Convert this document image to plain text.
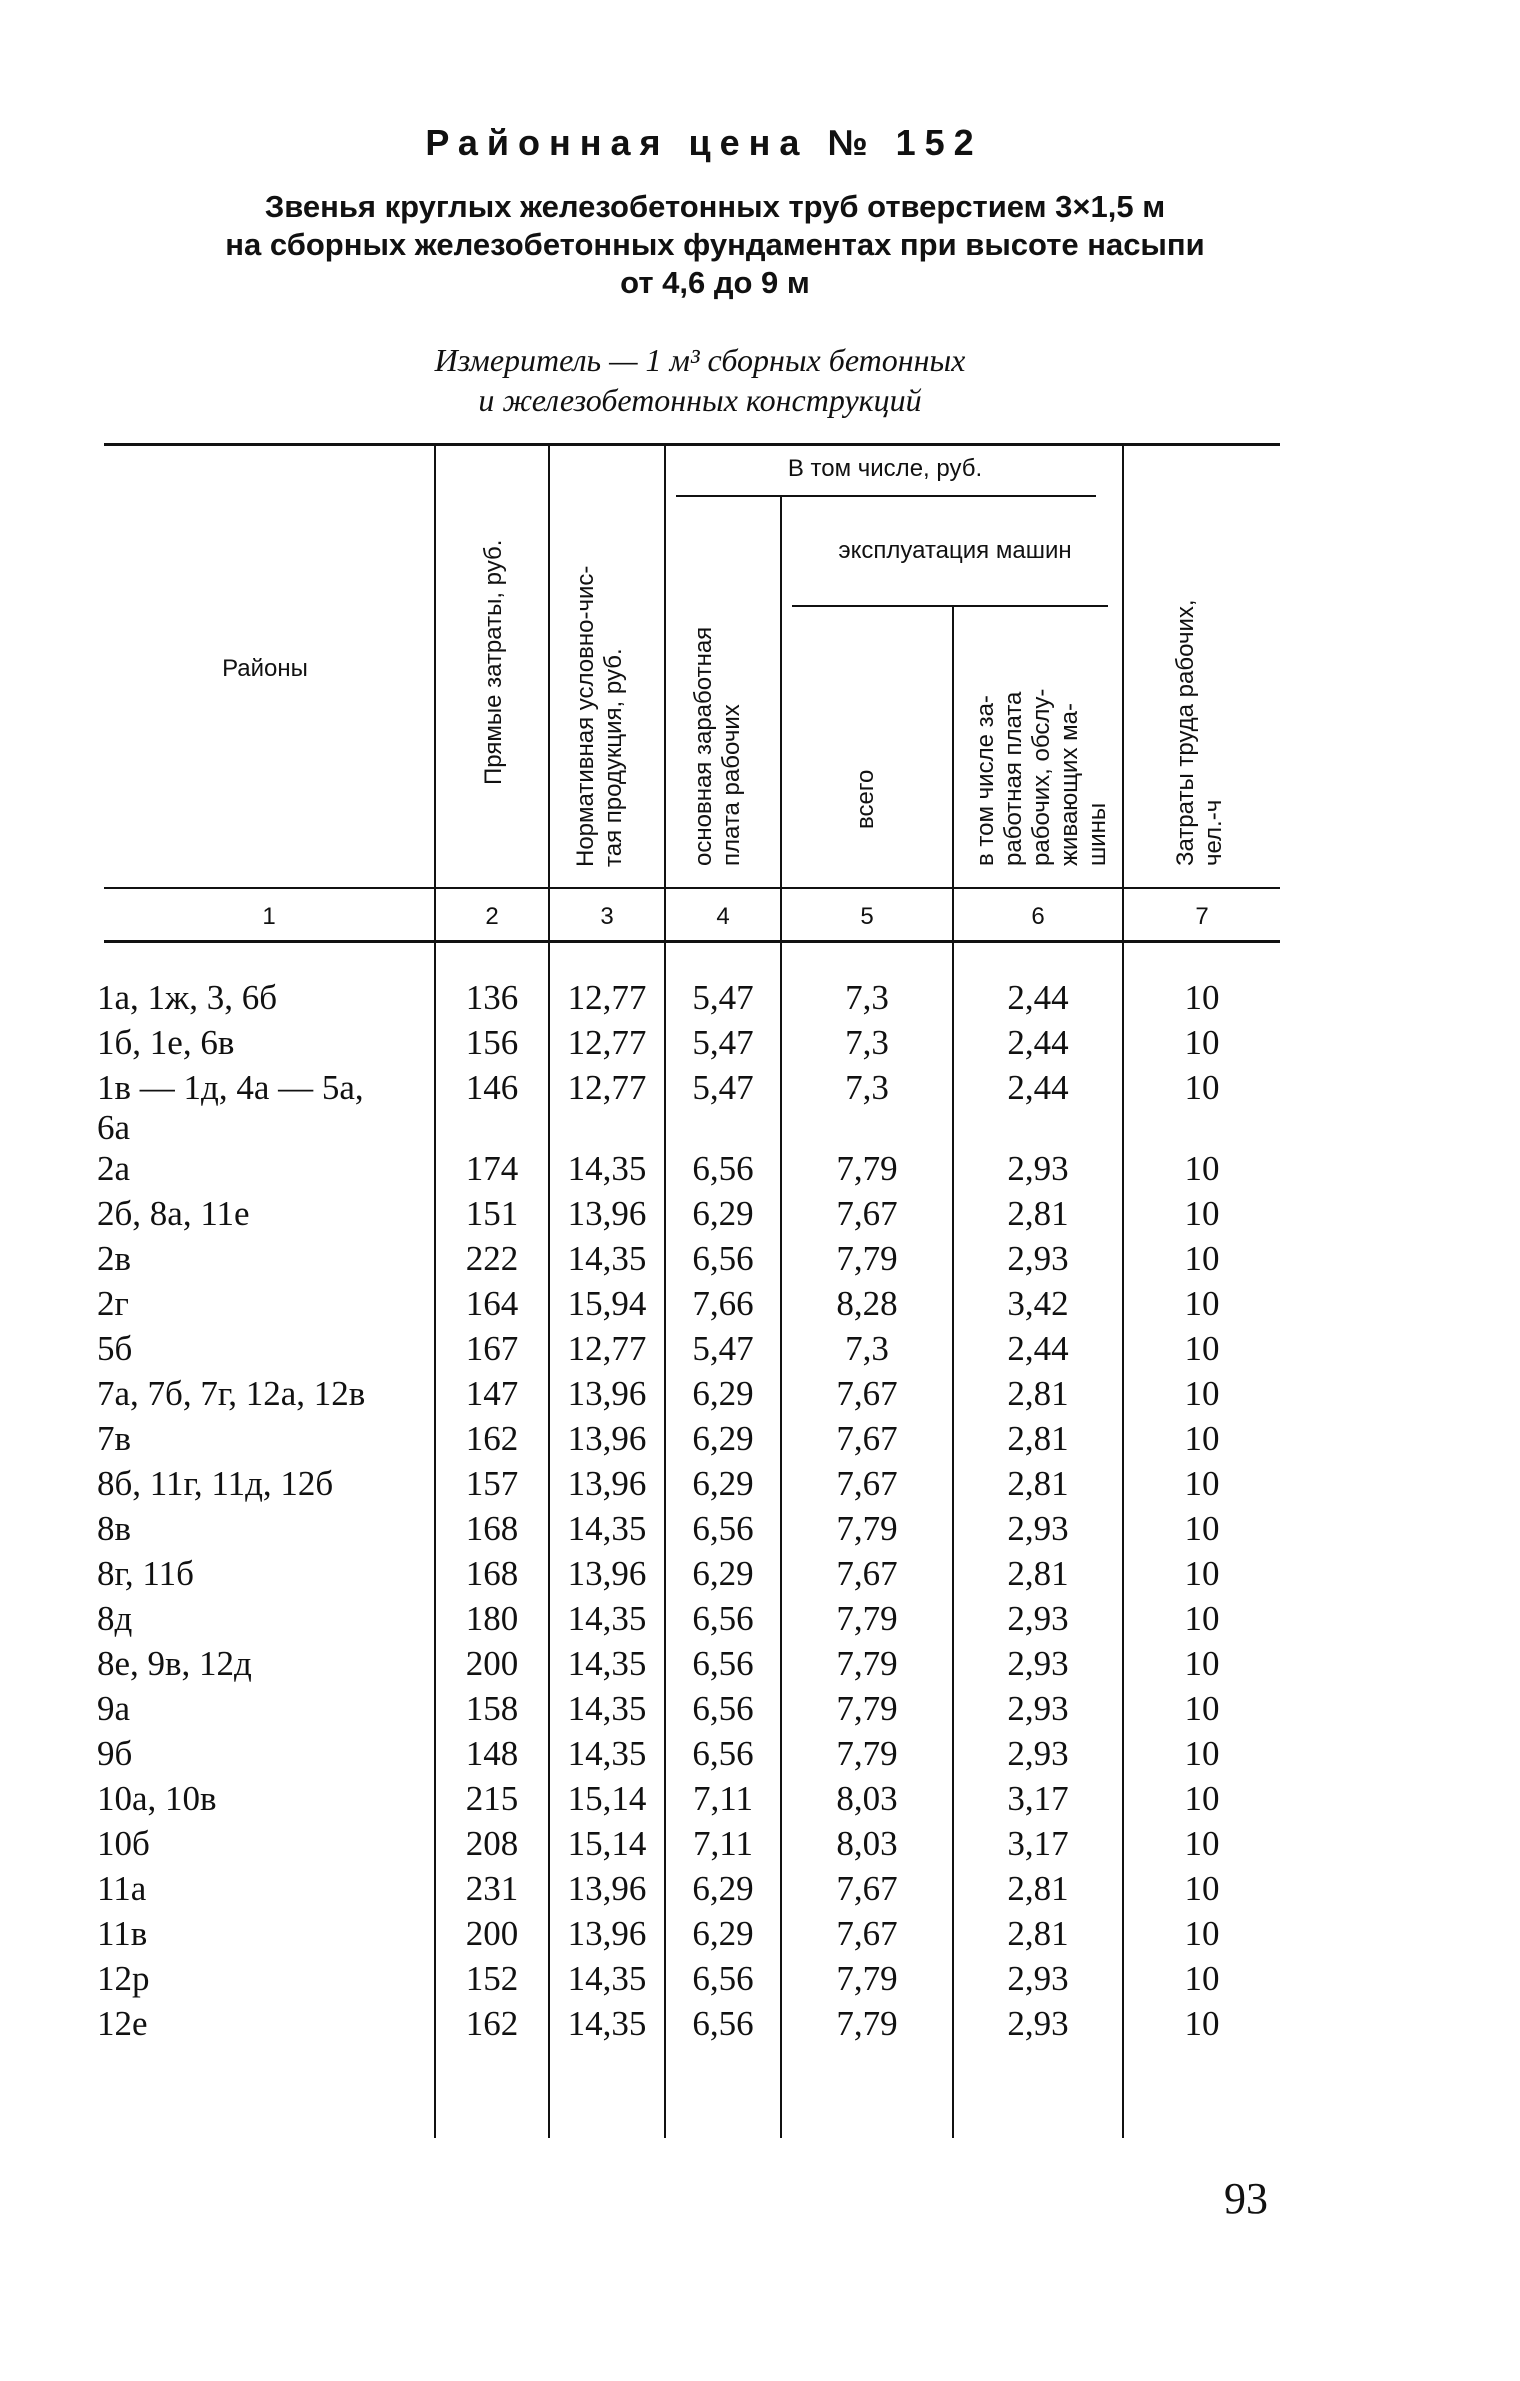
Районная цена № 152
Звенья круглых железобетонных труб отверстием 3×1,5 м
на сборных железобетонных фундаментах при высоте насыпи
от 4,6 до 9 м
Измеритель — 1 м³ сборных бетонных
и железобетонных конструкций
Районы	Прямые затраты, руб.	Нормативная условно-чис-
тая продукция, руб.
В том числе, руб.
основная заработная
плата рабочих
эксплуатация машин
всего	в том числе за-
работная плата
рабочих, обслу-
живающих ма-
шины	Затраты труда рабочих,
чел.-ч
1	2	3	4	5	6	7
1а, 1ж, 3, 6б	136	12,77	5,47	7,3	2,44	10
1б, 1е, 6в	156	12,77	5,47	7,3	2,44	10
1в — 1д, 4а — 5а,
6а
146	12,77	5,47	7,3	2,44	10
2а	174	14,35	6,56	7,79	2,93	10
2б, 8а, 11е	151	13,96	6,29	7,67	2,81	10
2в	222	14,35	6,56	7,79	2,93	10
2г	164	15,94	7,66	8,28	3,42	10
5б	167	12,77	5,47	7,3	2,44	10
7а, 7б, 7г, 12а, 12в	147	13,96	6,29	7,67	2,81	10
7в	162	13,96	6,29	7,67	2,81	10
8б, 11г, 11д, 12б	157	13,96	6,29	7,67	2,81	10
8в	168	14,35	6,56	7,79	2,93	10
8г, 11б	168	13,96	6,29	7,67	2,81	10
8д	180	14,35	6,56	7,79	2,93	10
8е, 9в, 12д	200	14,35	6,56	7,79	2,93	10
9а	158	14,35	6,56	7,79	2,93	10
9б	148	14,35	6,56	7,79	2,93	10
10а, 10в	215	15,14	7,11	8,03	3,17	10
10б	208	15,14	7,11	8,03	3,17	10
11а	231	13,96	6,29	7,67	2,81	10
11в	200	13,96	6,29	7,67	2,81	10
12р	152	14,35	6,56	7,79	2,93	10
12е	162	14,35	6,56	7,79	2,93	10
93
